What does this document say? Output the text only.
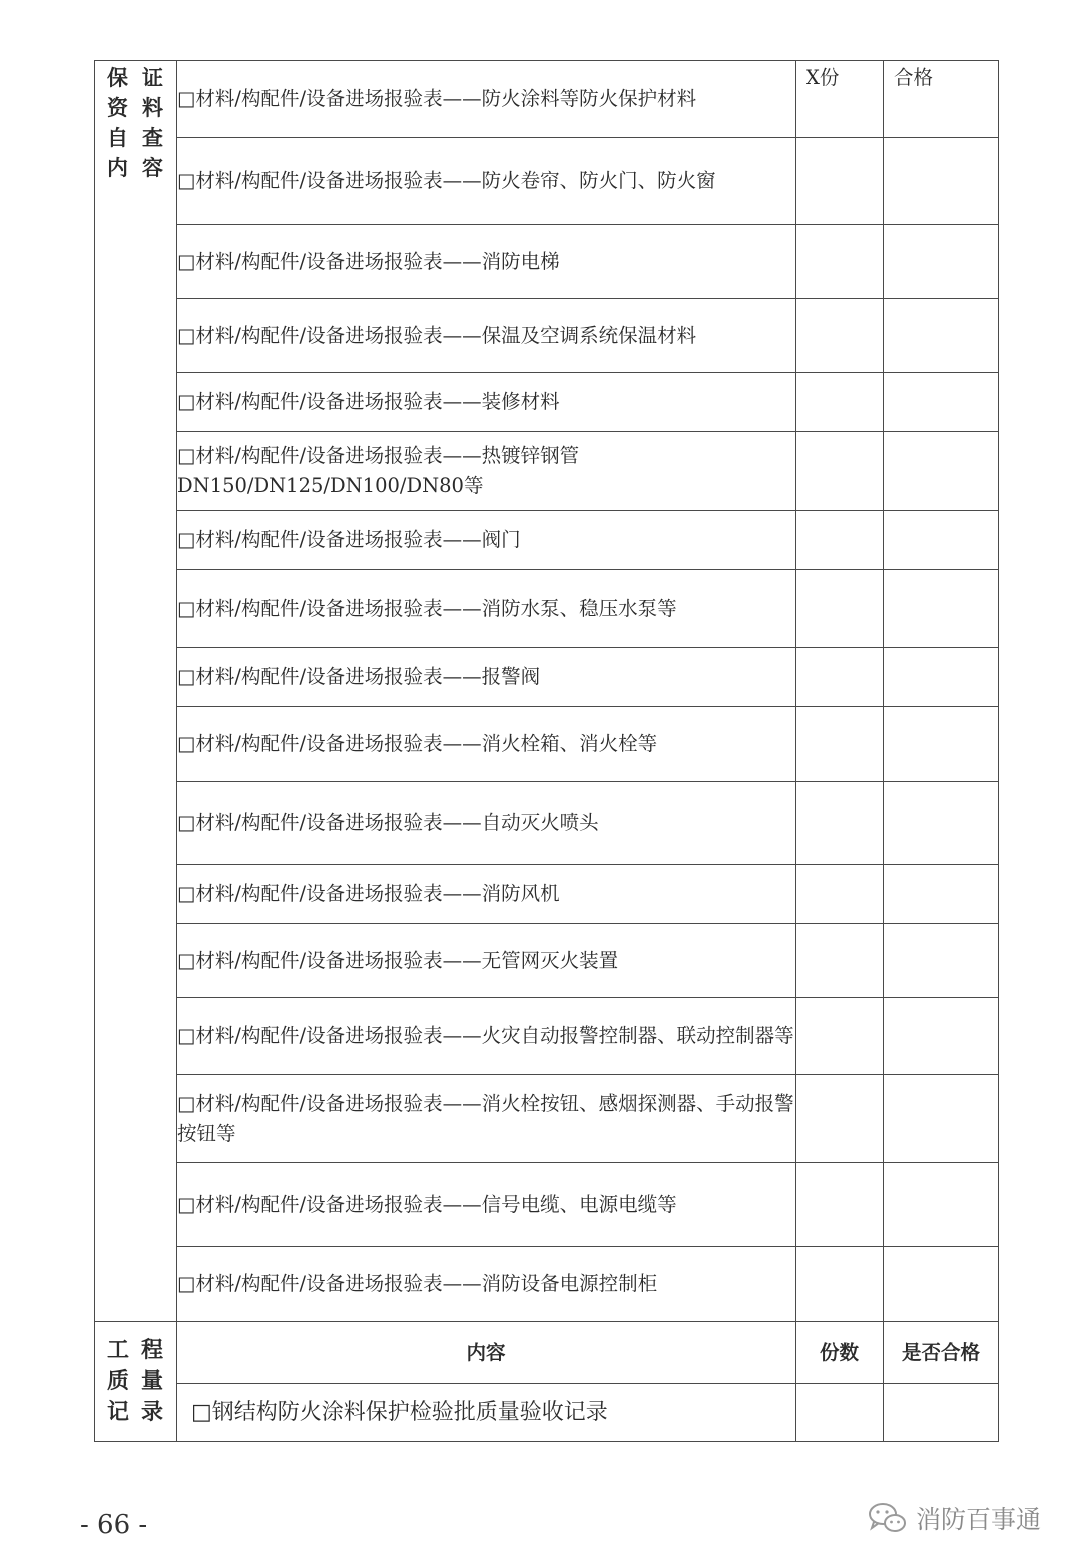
保证资料自查内容	□材料/构配件/设备进场报验表——防火涂料等防火保护材料	X份	合格
	□材料/构配件/设备进场报验表——防火卷帘、防火门、防火窗		
	□材料/构配件/设备进场报验表——消防电梯		
	□材料/构配件/设备进场报验表——保温及空调系统保温材料		
	□材料/构配件/设备进场报验表——装修材料		
	□材料/构配件/设备进场报验表——热镀锌钢管 DN150/DN125/DN100/DN80等		
	□材料/构配件/设备进场报验表——阀门		
	□材料/构配件/设备进场报验表——消防水泵、稳压水泵等		
	□材料/构配件/设备进场报验表——报警阀		
	□材料/构配件/设备进场报验表——消火栓箱、消火栓等		
	□材料/构配件/设备进场报验表——自动灭火喷头		
	□材料/构配件/设备进场报验表——消防风机		
	□材料/构配件/设备进场报验表——无管网灭火装置		
	□材料/构配件/设备进场报验表——火灾自动报警控制器、联动控制器等		
	□材料/构配件/设备进场报验表——消火栓按钮、感烟探测器、手动报警按钮等		
	□材料/构配件/设备进场报验表——信号电缆、电源电缆等		
	□材料/构配件/设备进场报验表——消防设备电源控制柜		

工程质量记录	内容	份数	是否合格
	□钢结构防火涂料保护检验批质量验收记录		
- 66 -	消防百事通
